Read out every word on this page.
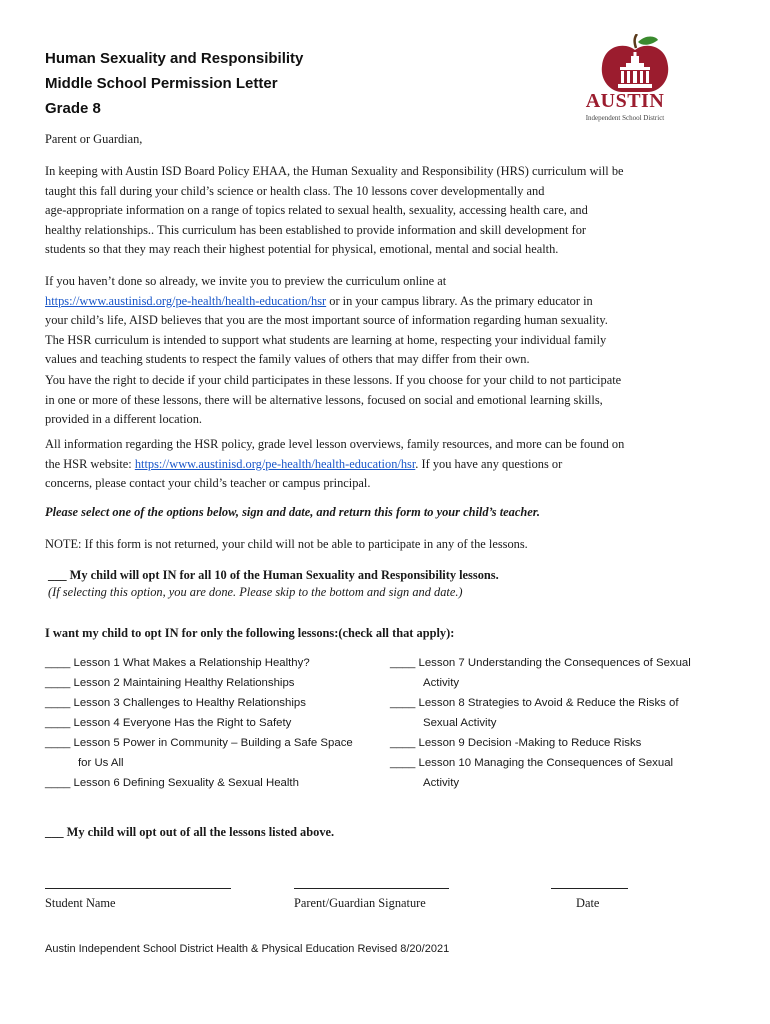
Human Sexuality and Responsibility
Middle School Permission Letter
Grade 8	AUSTIN
Independent School District
Parent or Guardian,
In keeping with Austin ISD Board Policy EHAA, the Human Sexuality and Responsibility (HRS) curriculum will be
taught this fall during your child’s science or health class. The 10 lessons cover developmentally and
age-appropriate information on a range of topics related to sexual health, sexuality, accessing health care, and
healthy relationships.. This curriculum has been established to provide information and skill development for
students so that they may reach their highest potential for physical, emotional, mental and social health.
If you haven’t done so already, we invite you to preview the curriculum online at
https://www.austinisd.org/pe-health/health-education/hsr or in your campus library. As the primary educator in
your child’s life, AISD believes that you are the most important source of information regarding human sexuality.
The HSR curriculum is intended to support what students are learning at home, respecting your individual family
values and teaching students to respect the family values of others that may differ from their own.
You have the right to decide if your child participates in these lessons. If you choose for your child to not participate
in one or more of these lessons, there will be alternative lessons, focused on social and emotional learning skills,
provided in a different location.
All information regarding the HSR policy, grade level lesson overviews, family resources, and more can be found on
the HSR website: https://www.austinisd.org/pe-health/health-education/hsr. If you have any questions or
concerns, please contact your child’s teacher or campus principal.
Please select one of the options below, sign and date, and return this form to your child’s teacher.
NOTE: If this form is not returned, your child will not be able to participate in any of the lessons.
___ My child will opt IN for all 10 of the Human Sexuality and Responsibility lessons.
(If selecting this option, you are done. Please skip to the bottom and sign and date.)
I want my child to opt IN for only the following lessons:(check all that apply):
____ Lesson 1 What Makes a Relationship Healthy?
____ Lesson 2 Maintaining Healthy Relationships
____ Lesson 3 Challenges to Healthy Relationships
____ Lesson 4 Everyone Has the Right to Safety
____ Lesson 5 Power in Community – Building a Safe Space
for Us All
____ Lesson 6 Defining Sexuality & Sexual Health
____ Lesson 7 Understanding the Consequences of Sexual
Activity
____ Lesson 8 Strategies to Avoid & Reduce the Risks of
Sexual Activity
____ Lesson 9 Decision -Making to Reduce Risks
____ Lesson 10 Managing the Consequences of Sexual
Activity
___ My child will opt out of all the lessons listed above.
Student Name	Parent/Guardian Signature	Date
Austin Independent School District Health & Physical Education Revised 8/20/2021
